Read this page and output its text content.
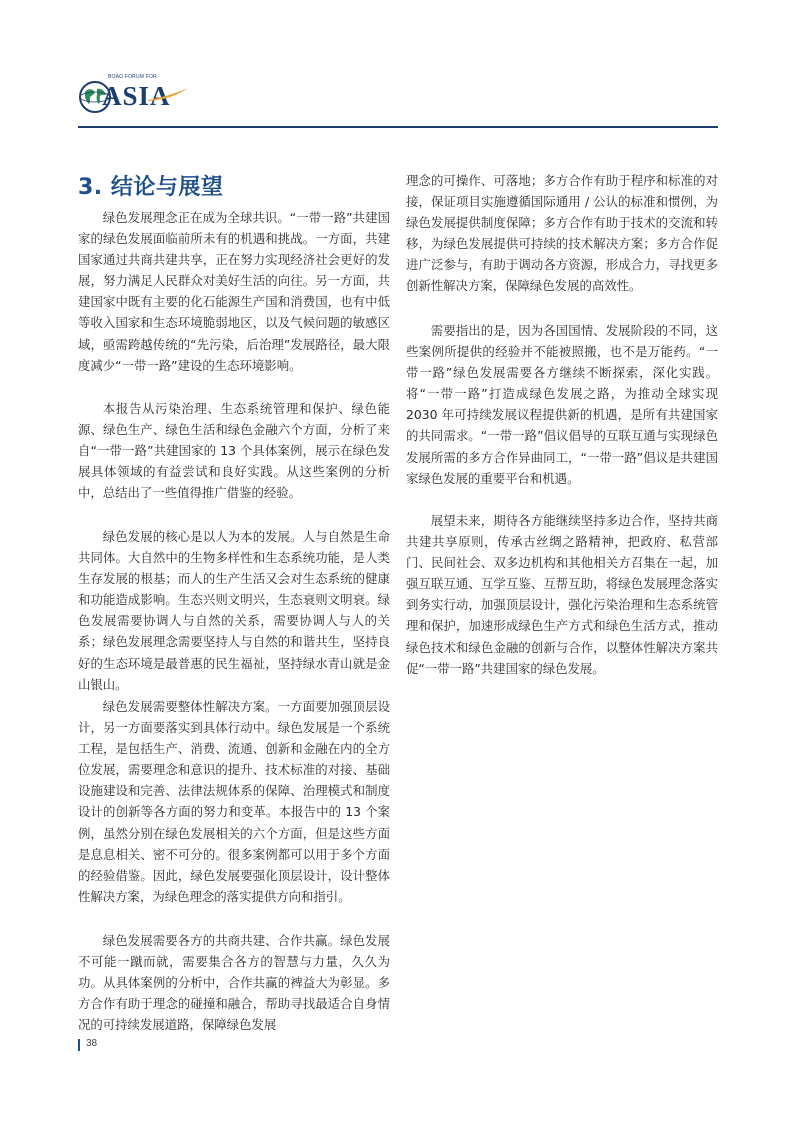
BOAO FORUM FOR
ASIA
3. 结论与展望

绿色发展理念正在成为全球共识。“一带一路”共建国家的绿色发展面临前所未有的机遇和挑战。一方面，共建国家通过共商共建共享，正在努力实现经济社会更好的发展，努力满足人民群众对美好生活的向往。另一方面，共建国家中既有主要的化石能源生产国和消费国，也有中低等收入国家和生态环境脆弱地区，以及气候问题的敏感区域，亟需跨越传统的“先污染，后治理”发展路径，最大限度减少“一带一路”建设的生态环境影响。

本报告从污染治理、生态系统管理和保护、绿色能源、绿色生产、绿色生活和绿色金融六个方面，分析了来自“一带一路”共建国家的 13 个具体案例，展示在绿色发展具体领域的有益尝试和良好实践。从这些案例的分析中，总结出了一些值得推广借鉴的经验。

绿色发展的核心是以人为本的发展。人与自然是生命共同体。大自然中的生物多样性和生态系统功能，是人类生存发展的根基；而人的生产生活又会对生态系统的健康和功能造成影响。生态兴则文明兴，生态衰则文明衰。绿色发展需要协调人与自然的关系，需要协调人与人的关系；绿色发展理念需要坚持人与自然的和谐共生，坚持良好的生态环境是最普惠的民生福祉，坚持绿水青山就是金山银山。

绿色发展需要整体性解决方案。一方面要加强顶层设计，另一方面要落实到具体行动中。绿色发展是一个系统工程，是包括生产、消费、流通、创新和金融在内的全方位发展，需要理念和意识的提升、技术标准的对接、基础设施建设和完善、法律法规体系的保障、治理模式和制度设计的创新等各方面的努力和变革。本报告中的 13 个案例，虽然分别在绿色发展相关的六个方面，但是这些方面是息息相关、密不可分的。很多案例都可以用于多个方面的经验借鉴。因此，绿色发展要强化顶层设计，设计整体性解决方案，为绿色理念的落实提供方向和指引。

绿色发展需要各方的共商共建、合作共赢。绿色发展不可能一蹴而就，需要集合各方的智慧与力量，久久为功。从具体案例的分析中，合作共赢的裨益大为彰显。多方合作有助于理念的碰撞和融合，帮助寻找最适合自身情况的可持续发展道路，保障绿色发展

理念的可操作、可落地；多方合作有助于程序和标准的对接，保证项目实施遵循国际通用 / 公认的标准和惯例，为绿色发展提供制度保障；多方合作有助于技术的交流和转移，为绿色发展提供可持续的技术解决方案；多方合作促进广泛参与，有助于调动各方资源，形成合力，寻找更多创新性解决方案，保障绿色发展的高效性。

需要指出的是，因为各国国情、发展阶段的不同，这些案例所提供的经验并不能被照搬，也不是万能药。“一带一路”绿色发展需要各方继续不断探索，深化实践。将“一带一路”打造成绿色发展之路，为推动全球实现 2030 年可持续发展议程提供新的机遇，是所有共建国家的共同需求。“一带一路”倡议倡导的互联互通与实现绿色发展所需的多方合作异曲同工，“一带一路”倡议是共建国家绿色发展的重要平台和机遇。

展望未来，期待各方能继续坚持多边合作，坚持共商共建共享原则，传承古丝绸之路精神，把政府、私营部门、民间社会、双多边机构和其他相关方召集在一起，加强互联互通、互学互鉴、互帮互助，将绿色发展理念落实到务实行动，加强顶层设计，强化污染治理和生态系统管理和保护，加速形成绿色生产方式和绿色生活方式，推动绿色技术和绿色金融的创新与合作，以整体性解决方案共促“一带一路”共建国家的绿色发展。

38
